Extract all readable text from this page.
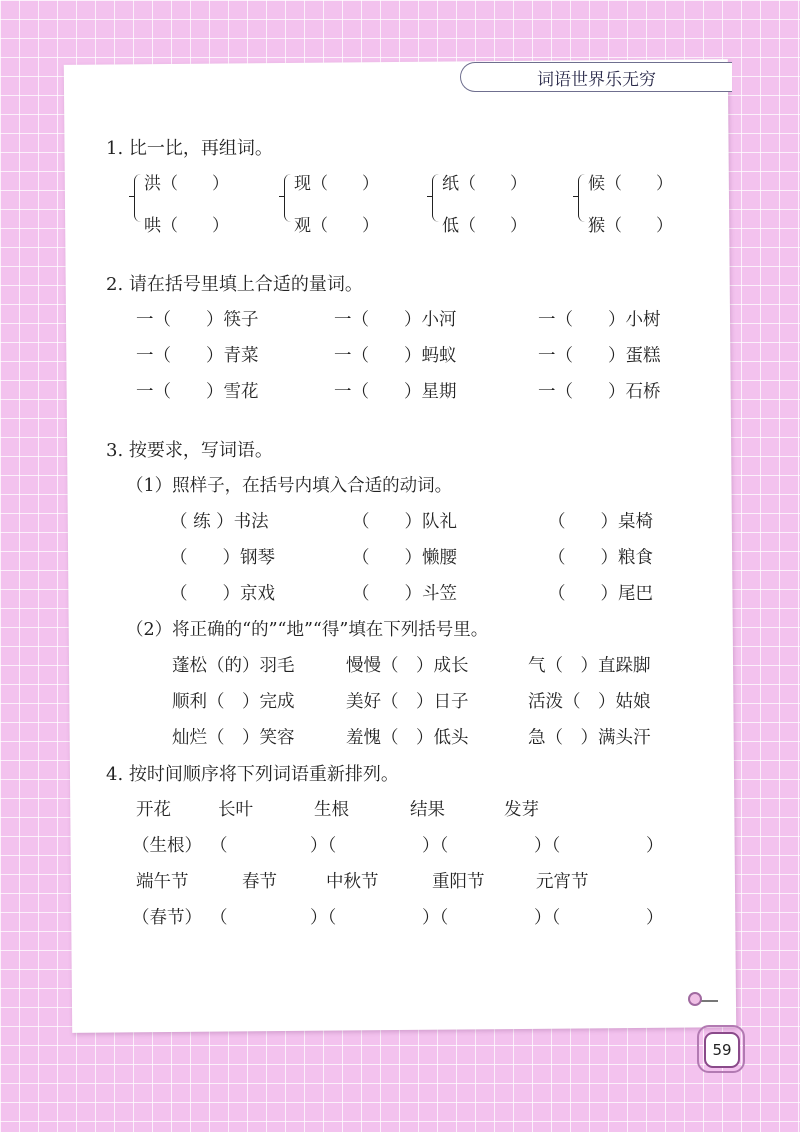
词语世界乐无穷
1. 比一比，再组词。
洪（　　）
哄（　　）
现（　　）
观（　　）
纸（　　）
低（　　）
候（　　）
猴（　　）
2. 请在括号里填上合适的量词。
一（　　）筷子	一（　　）小河	一（　　）小树
一（　　）青菜	一（　　）蚂蚁	一（　　）蛋糕
一（　　）雪花	一（　　）星期	一（　　）石桥
3. 按要求，写词语。
（1）照样子，在括号内填入合适的动词。
（ 练 ）书法	（　　）队礼	（　　）桌椅
（　　）钢琴	（　　）懒腰	（　　）粮食
（　　）京戏	（　　）斗笠	（　　）尾巴
（2）将正确的“的”“地”“得”填在下列括号里。
蓬松（的）羽毛	慢慢（　）成长	气（　）直跺脚
顺利（　）完成	美好（　）日子	活泼（　）姑娘
灿烂（　）笑容	羞愧（　）低头	急（　）满头汗
4. 按时间顺序将下列词语重新排列。
开花	长叶	生根	结果	发芽
（生根） （	）（	）（	）（	）
端午节	春节	中秋节	重阳节	元宵节
（春节） （	）（	）（	）（	）
59
